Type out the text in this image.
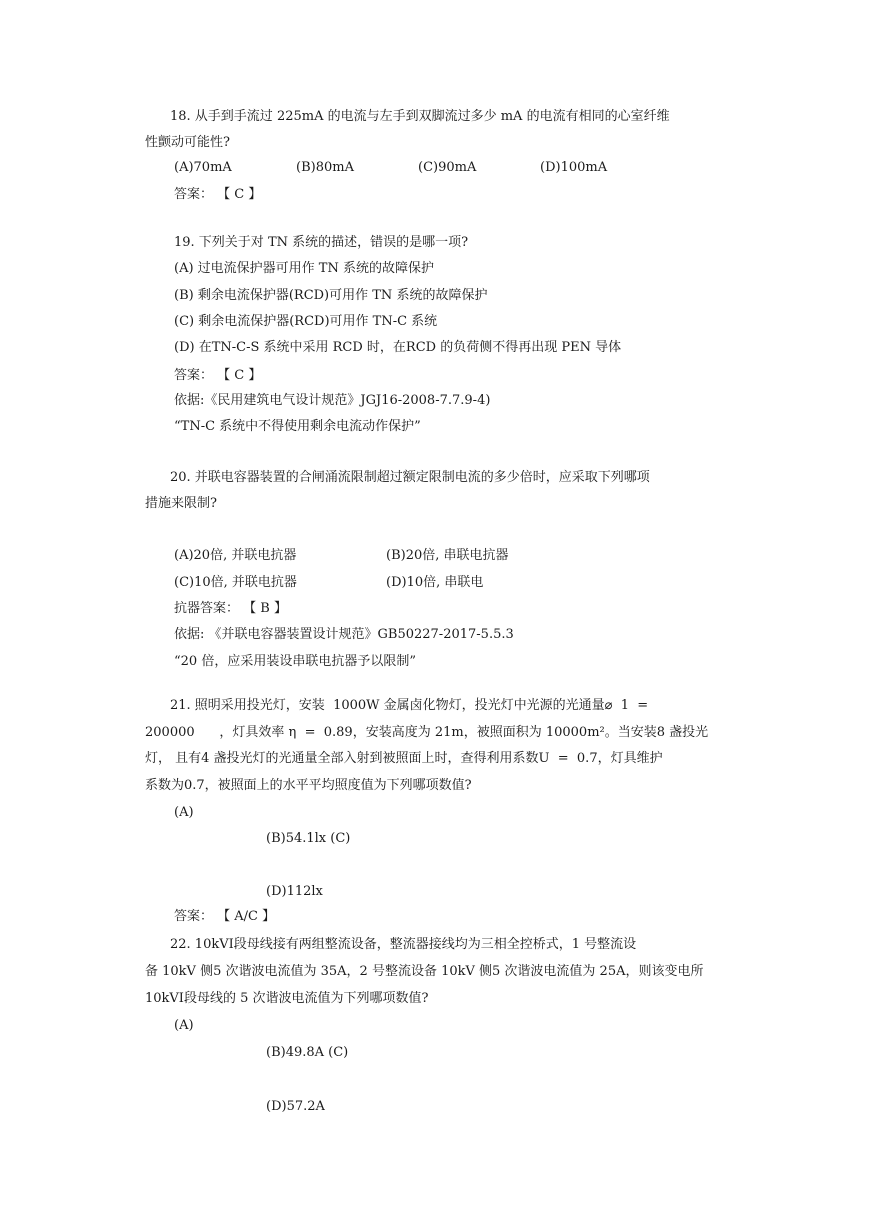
18. 从手到手流过 225mA 的电流与左手到双脚流过多少 mA 的电流有相同的心室纤维
性颤动可能性?
(A)70mA	(B)80mA	(C)90mA	(D)100mA
答案： 【 C 】
19. 下列关于对 TN 系统的描述，错误的是哪一项?
(A) 过电流保护器可用作 TN 系统的故障保护
(B) 剩余电流保护器(RCD)可用作 TN 系统的故障保护
(C) 剩余电流保护器(RCD)可用作 TN-C 系统
(D) 在TN-C-S 系统中采用 RCD 时，在RCD 的负荷侧不得再出现 PEN 导体
答案： 【 C 】
依据:《民用建筑电气设计规范》JGJ16-2008-7.7.9-4)
“TN-C 系统中不得使用剩余电流动作保护”
20. 并联电容器装置的合闸涌流限制超过额定限制电流的多少倍时，应采取下列哪项
措施来限制?
(A)20倍, 并联电抗器	(B)20倍, 串联电抗器
(C)10倍, 并联电抗器	(D)10倍, 串联电
抗器答案： 【 B 】
依据: 《并联电容器装置设计规范》GB50227-2017-5.5.3
“20 倍，应采用装设串联电抗器予以限制”
21. 照明采用投光灯，安装  1000W 金属卤化物灯，投光灯中光源的光通量⌀  1  =
200000      ，灯具效率 η  =  0.89，安装高度为 21m，被照面积为 10000m²。当安装8 盏投光
灯， 且有4 盏投光灯的光通量全部入射到被照面上时，查得利用系数U  =  0.7，灯具维护
系数为0.7，被照面上的水平平均照度值为下列哪项数值?
(A)
(B)54.1lx (C)
(D)112lx
答案： 【 A/C 】
22. 10kVⅠ段母线接有两组整流设备，整流器接线均为三相全控桥式，1 号整流设
备 10kV 侧5 次谐波电流值为 35A，2 号整流设备 10kV 侧5 次谐波电流值为 25A，则该变电所
10kVⅠ段母线的 5 次谐波电流值为下列哪项数值?
(A)
(B)49.8A (C)
(D)57.2A
